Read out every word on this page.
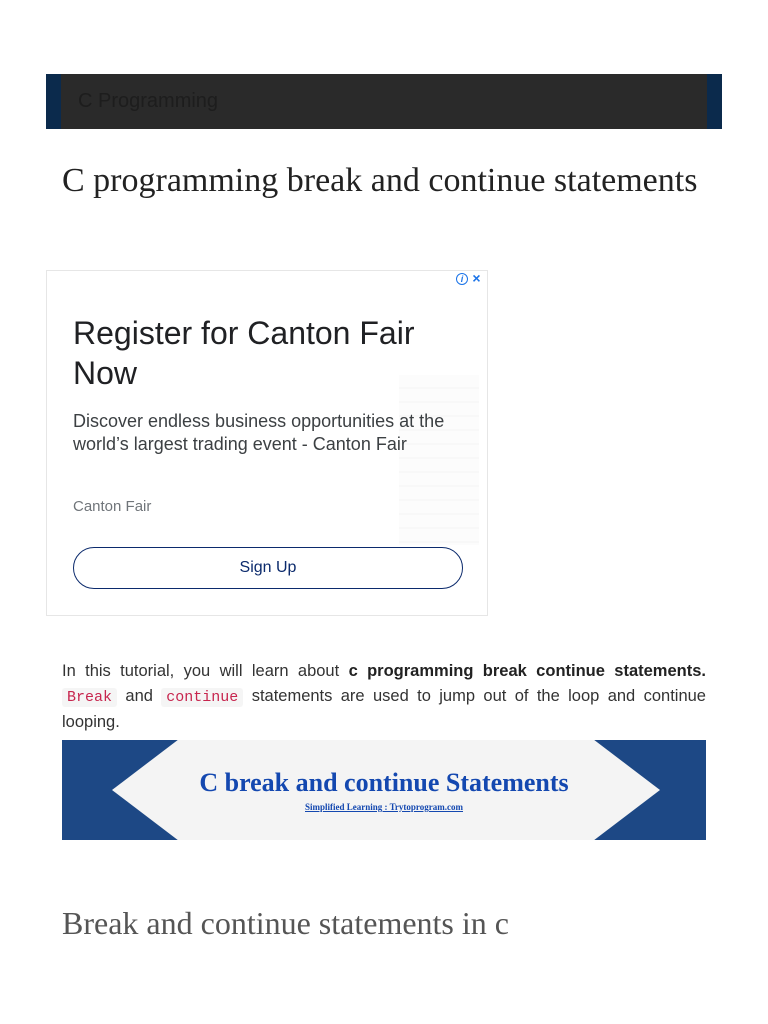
C Programming
C programming break and continue statements
i ×
Register for Canton Fair Now
Discover endless business opportunities at the world’s largest trading event - Canton Fair
Canton Fair
Sign Up

In this tutorial, you will learn about c programming break continue statements. Break and continue statements are used to jump out of the loop and continue looping.

C break and continue Statements
Simplified Learning : Trytoprogram.com
Break and continue statements in c
